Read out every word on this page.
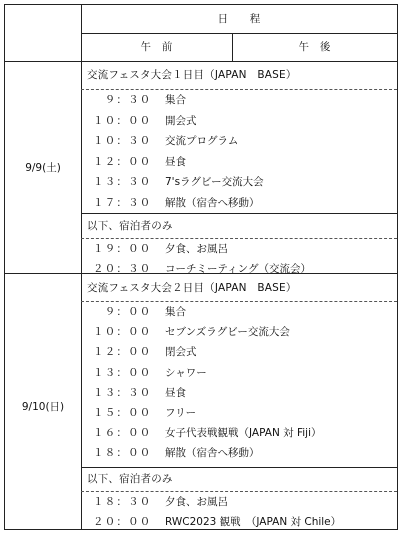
日　　程
午　前	午　後
9/9(土)
交流フェスタ大会１日目（JAPAN　BASE）
　９：３０ 集合
１０：００ 開会式
１０：３０ 交流プログラム
１２：００ 昼食
１３：３０ 7'sラグビー交流大会
１７：３０ 解散（宿舎へ移動）
以下、宿泊者のみ
１９：００ 夕食、お風呂
２０：３０ コーチミーティング（交流会）
9/10(日)
交流フェスタ大会２日目（JAPAN　BASE）
　９：００ 集合
１０：００ セブンズラグビー交流大会
１２：００ 閉会式
１３：００ シャワー
１３：３０ 昼食
１５：００ フリー
１６：００ 女子代表戦観戦（JAPAN 対 Fiji）
１８：００ 解散（宿舎へ移動）
以下、宿泊者のみ
１８：３０ 夕食、お風呂
２０：００ RWC2023 観戦　（JAPAN 対 Chile）
